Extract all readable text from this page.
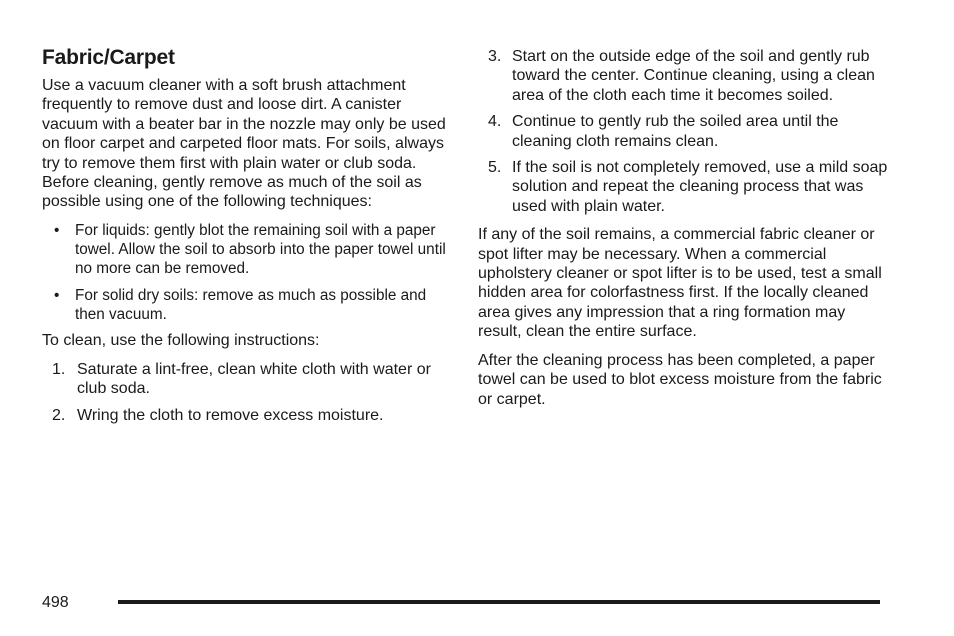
Fabric/Carpet

Use a vacuum cleaner with a soft brush attachment frequently to remove dust and loose dirt. A canister vacuum with a beater bar in the nozzle may only be used on floor carpet and carpeted floor mats. For soils, always try to remove them first with plain water or club soda. Before cleaning, gently remove as much of the soil as possible using one of the following techniques:

• For liquids: gently blot the remaining soil with a paper towel. Allow the soil to absorb into the paper towel until no more can be removed.
• For solid dry soils: remove as much as possible and then vacuum.

To clean, use the following instructions:

1. Saturate a lint-free, clean white cloth with water or club soda.
2. Wring the cloth to remove excess moisture.
3. Start on the outside edge of the soil and gently rub toward the center. Continue cleaning, using a clean area of the cloth each time it becomes soiled.
4. Continue to gently rub the soiled area until the cleaning cloth remains clean.
5. If the soil is not completely removed, use a mild soap solution and repeat the cleaning process that was used with plain water.

If any of the soil remains, a commercial fabric cleaner or spot lifter may be necessary. When a commercial upholstery cleaner or spot lifter is to be used, test a small hidden area for colorfastness first. If the locally cleaned area gives any impression that a ring formation may result, clean the entire surface.

After the cleaning process has been completed, a paper towel can be used to blot excess moisture from the fabric or carpet.

498
